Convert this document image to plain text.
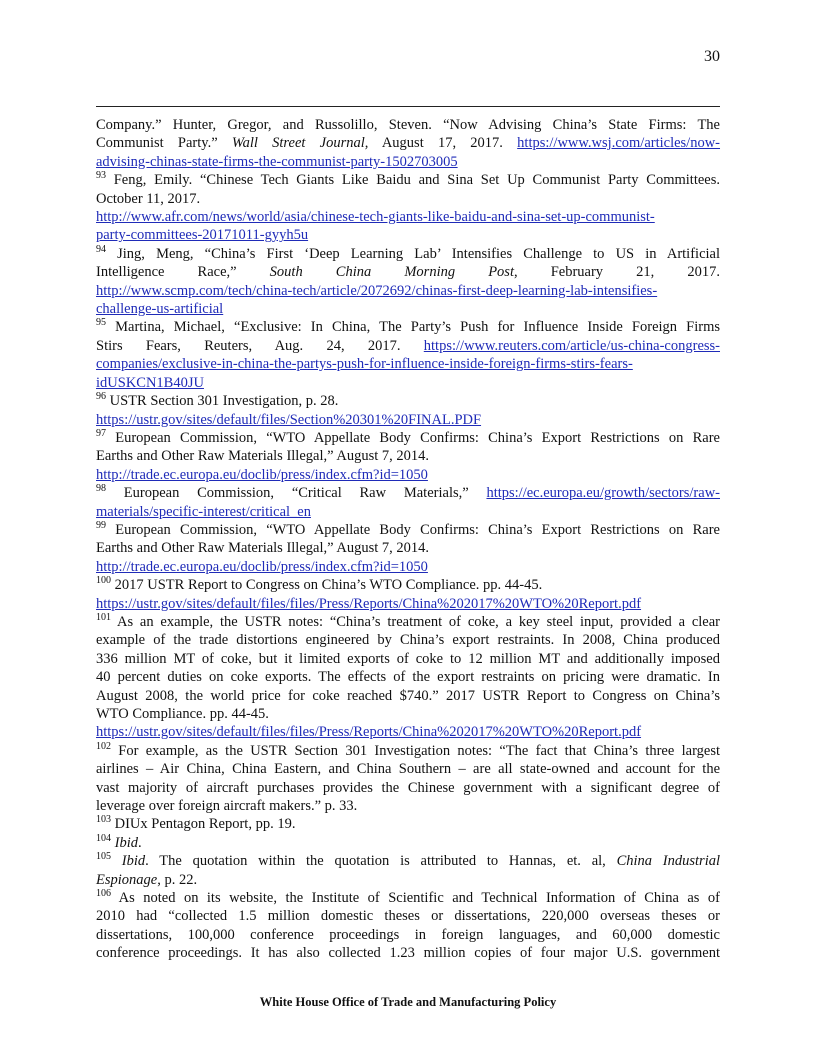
30
Company.” Hunter, Gregor, and Russolillo, Steven. “Now Advising China’s State Firms: The
Communist Party.” Wall Street Journal, August 17, 2017. https://www.wsj.com/articles/now-
advising-chinas-state-firms-the-communist-party-1502703005
$^{93}$ Feng, Emily. “Chinese Tech Giants Like Baidu and Sina Set Up Communist Party Committees.
October 11, 2017.
http://www.afr.com/news/world/asia/chinese-tech-giants-like-baidu-and-sina-set-up-communist-
party-committees-20171011-gyyh5u
$^{94}$ Jing, Meng, “China’s First ‘Deep Learning Lab’ Intensifies Challenge to US in Artificial
Intelligence Race,” South China Morning Post, February 21, 2017.
http://www.scmp.com/tech/china-tech/article/2072692/chinas-first-deep-learning-lab-intensifies-
challenge-us-artificial
$^{95}$ Martina, Michael, “Exclusive: In China, The Party’s Push for Influence Inside Foreign Firms
Stirs Fears, Reuters, Aug. 24, 2017. https://www.reuters.com/article/us-china-congress-
companies/exclusive-in-china-the-partys-push-for-influence-inside-foreign-firms-stirs-fears-
idUSKCN1B40JU
$^{96}$ USTR Section 301 Investigation, p. 28.
https://ustr.gov/sites/default/files/Section%20301%20FINAL.PDF
$^{97}$ European Commission, “WTO Appellate Body Confirms: China’s Export Restrictions on Rare
Earths and Other Raw Materials Illegal,” August 7, 2014.
http://trade.ec.europa.eu/doclib/press/index.cfm?id=1050
$^{98}$ European Commission, “Critical Raw Materials,” https://ec.europa.eu/growth/sectors/raw-
materials/specific-interest/critical_en
$^{99}$ European Commission, “WTO Appellate Body Confirms: China’s Export Restrictions on Rare
Earths and Other Raw Materials Illegal,” August 7, 2014.
http://trade.ec.europa.eu/doclib/press/index.cfm?id=1050
$^{100}$ 2017 USTR Report to Congress on China’s WTO Compliance. pp. 44-45.
https://ustr.gov/sites/default/files/files/Press/Reports/China%202017%20WTO%20Report.pdf
$^{101}$ As an example, the USTR notes: “China’s treatment of coke, a key steel input, provided a clear
example of the trade distortions engineered by China’s export restraints. In 2008, China produced
336 million MT of coke, but it limited exports of coke to 12 million MT and additionally imposed
40 percent duties on coke exports. The effects of the export restraints on pricing were dramatic. In
August 2008, the world price for coke reached $740.” 2017 USTR Report to Congress on China’s
WTO Compliance. pp. 44-45.
https://ustr.gov/sites/default/files/files/Press/Reports/China%202017%20WTO%20Report.pdf
$^{102}$ For example, as the USTR Section 301 Investigation notes: “The fact that China’s three largest
airlines – Air China, China Eastern, and China Southern – are all state-owned and account for the
vast majority of aircraft purchases provides the Chinese government with a significant degree of
leverage over foreign aircraft makers.” p. 33.
$^{103}$ DIUx Pentagon Report, pp. 19.
$^{104}$ Ibid.
$^{105}$ Ibid. The quotation within the quotation is attributed to Hannas, et. al, China Industrial
Espionage, p. 22.
$^{106}$ As noted on its website, the Institute of Scientific and Technical Information of China as of
2010 had “collected 1.5 million domestic theses or dissertations, 220,000 overseas theses or
dissertations, 100,000 conference proceedings in foreign languages, and 60,000 domestic
conference proceedings. It has also collected 1.23 million copies of four major U.S. government
White House Office of Trade and Manufacturing Policy
